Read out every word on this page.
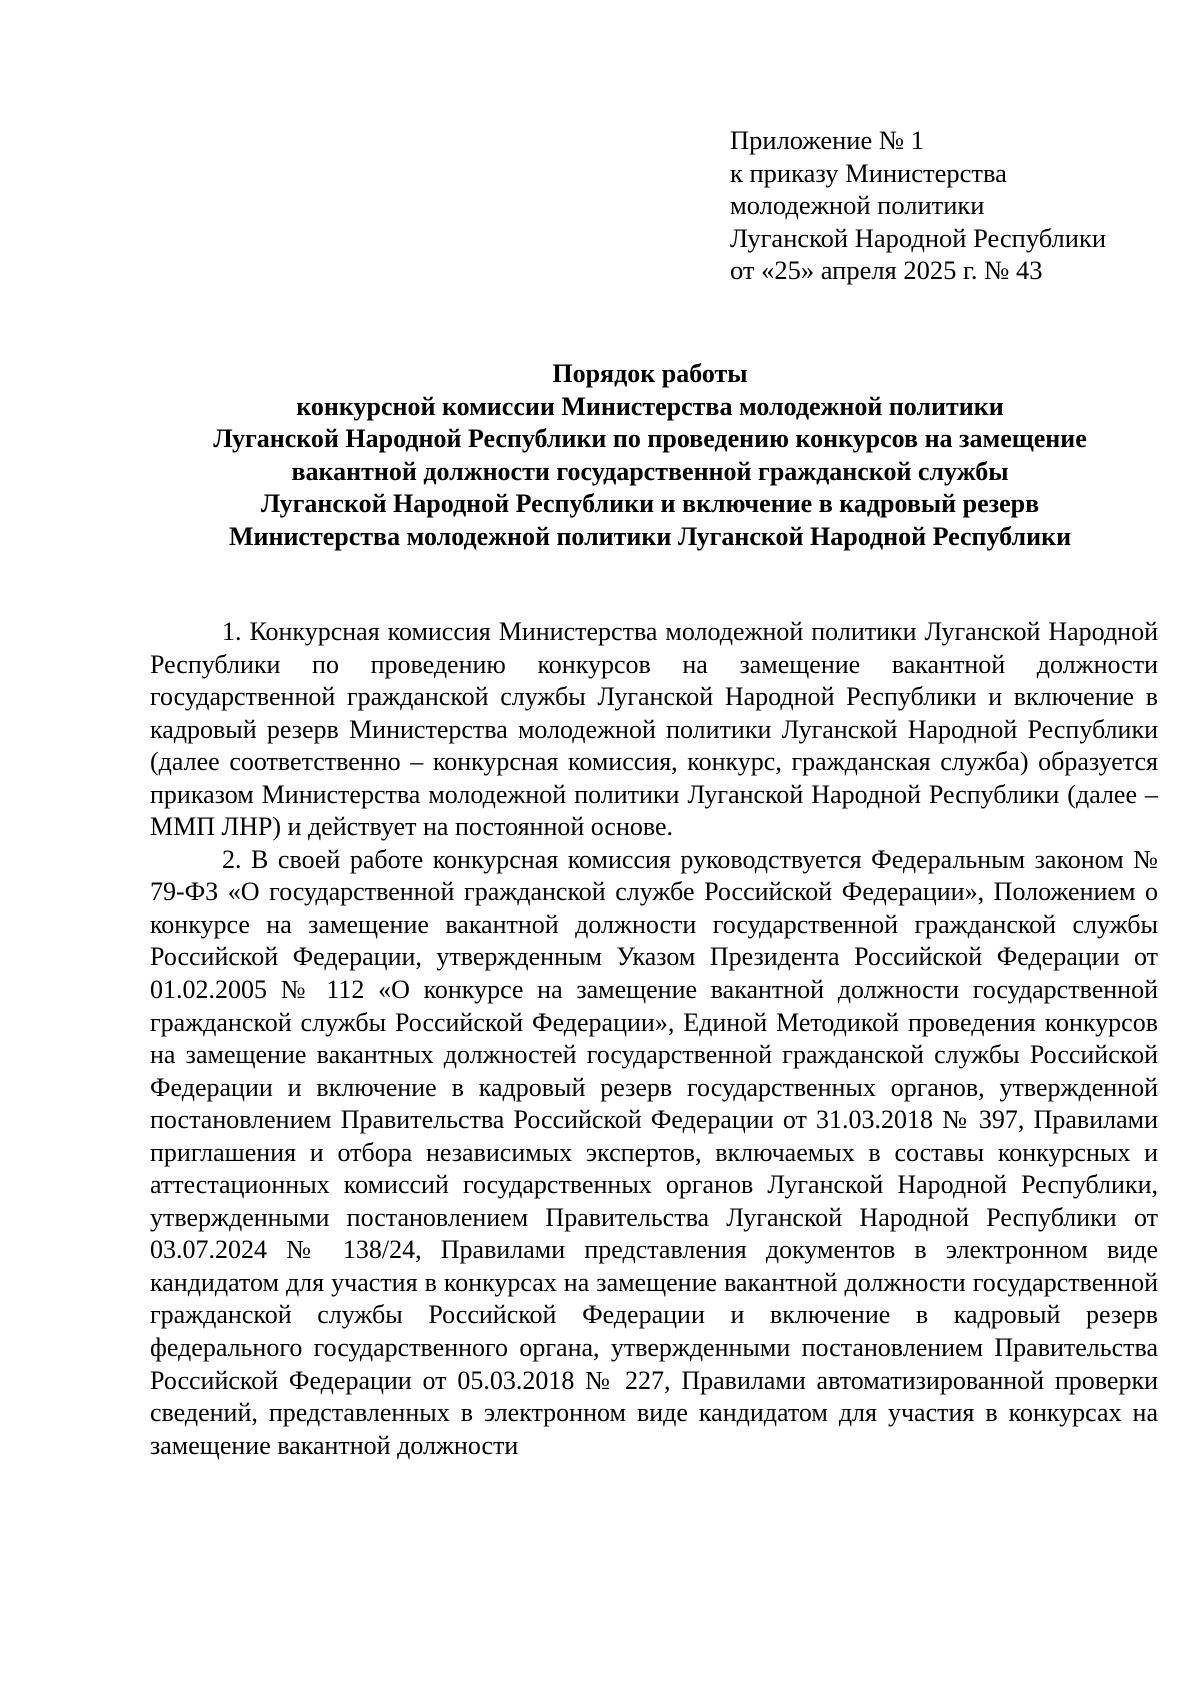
Приложение № 1
к приказу Министерства
молодежной политики
Луганской Народной Республики
от «25» апреля 2025 г. № 43
Порядок работы
конкурсной комиссии Министерства молодежной политики
Луганской Народной Республики по проведению конкурсов на замещение
вакантной должности государственной гражданской службы
Луганской Народной Республики и включение в кадровый резерв
Министерства молодежной политики Луганской Народной Республики

1. Конкурсная комиссия Министерства молодежной политики Луганской Народной Республики по проведению конкурсов на замещение вакантной должности государственной гражданской службы Луганской Народной Республики и включение в кадровый резерв Министерства молодежной политики Луганской Народной Республики (далее соответственно – конкурсная комиссия, конкурс, гражданская служба) образуется приказом Министерства молодежной политики Луганской Народной Республики (далее – ММП ЛНР) и действует на постоянной основе.

2. В своей работе конкурсная комиссия руководствуется Федеральным законом № 79-ФЗ «О государственной гражданской службе Российской Федерации», Положением о конкурсе на замещение вакантной должности государственной гражданской службы Российской Федерации, утвержденным Указом Президента Российской Федерации от 01.02.2005 № 112 «О конкурсе на замещение вакантной должности государственной гражданской службы Российской Федерации», Единой Методикой проведения конкурсов на замещение вакантных должностей государственной гражданской службы Российской Федерации и включение в кадровый резерв государственных органов, утвержденной постановлением Правительства Российской Федерации от 31.03.2018 № 397, Правилами приглашения и отбора независимых экспертов, включаемых в составы конкурсных и аттестационных комиссий государственных органов Луганской Народной Республики, утвержденными постановлением Правительства Луганской Народной Республики от 03.07.2024 № 138/24, Правилами представления документов в электронном виде кандидатом для участия в конкурсах на замещение вакантной должности государственной гражданской службы Российской Федерации и включение в кадровый резерв федерального государственного органа, утвержденными постановлением Правительства Российской Федерации от 05.03.2018 № 227, Правилами автоматизированной проверки сведений, представленных в электронном виде кандидатом для участия в конкурсах на замещение вакантной должности
